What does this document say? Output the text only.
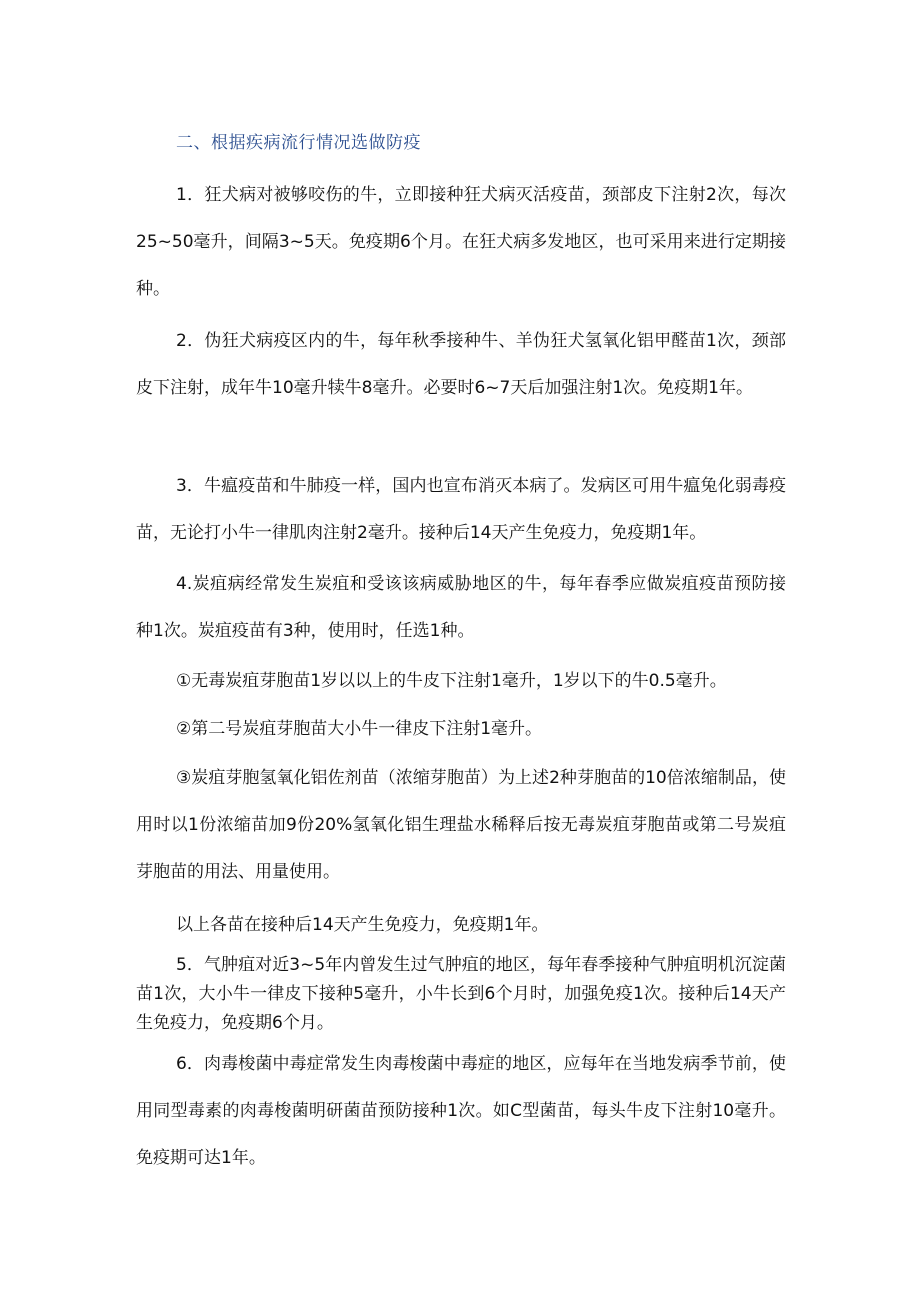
二、根据疾病流行情况选做防疫

1．狂犬病对被够咬伤的牛，立即接种狂犬病灭活疫苗，颈部皮下注射2次，每次25~50毫升，间隔3~5天。免疫期6个月。在狂犬病多发地区，也可采用来进行定期接种。

2．伪狂犬病疫区内的牛，每年秋季接种牛、羊伪狂犬氢氧化铝甲醛苗1次，颈部皮下注射，成年牛10毫升犊牛8毫升。必要时6~7天后加强注射1次。免疫期1年。

3．牛瘟疫苗和牛肺疫一样，国内也宣布消灭本病了。发病区可用牛瘟兔化弱毒疫苗，无论打小牛一律肌肉注射2毫升。接种后14天产生免疫力，免疫期1年。

4.炭疽病经常发生炭疽和受该该病威胁地区的牛，每年春季应做炭疽疫苗预防接种1次。炭疽疫苗有3种，使用时，任选1种。

①无毒炭疽芽胞苗1岁以以上的牛皮下注射1毫升，1岁以下的牛0.5毫升。

②第二号炭疽芽胞苗大小牛一律皮下注射1毫升。

③炭疽芽胞氢氧化铝佐剂苗（浓缩芽胞苗）为上述2种芽胞苗的10倍浓缩制品，使用时以1份浓缩苗加9份20%氢氧化铝生理盐水稀释后按无毒炭疽芽胞苗或第二号炭疽芽胞苗的用法、用量使用。

以上各苗在接种后14天产生免疫力，免疫期1年。

5．气肿疽对近3~5年内曾发生过气肿疽的地区，每年春季接种气肿疽明机沉淀菌苗1次，大小牛一律皮下接种5毫升，小牛长到6个月时，加强免疫1次。接种后14天产生免疫力，免疫期6个月。

6．肉毒梭菌中毒症常发生肉毒梭菌中毒症的地区，应每年在当地发病季节前，使用同型毒素的肉毒梭菌明研菌苗预防接种1次。如C型菌苗，每头牛皮下注射10毫升。免疫期可达1年。
